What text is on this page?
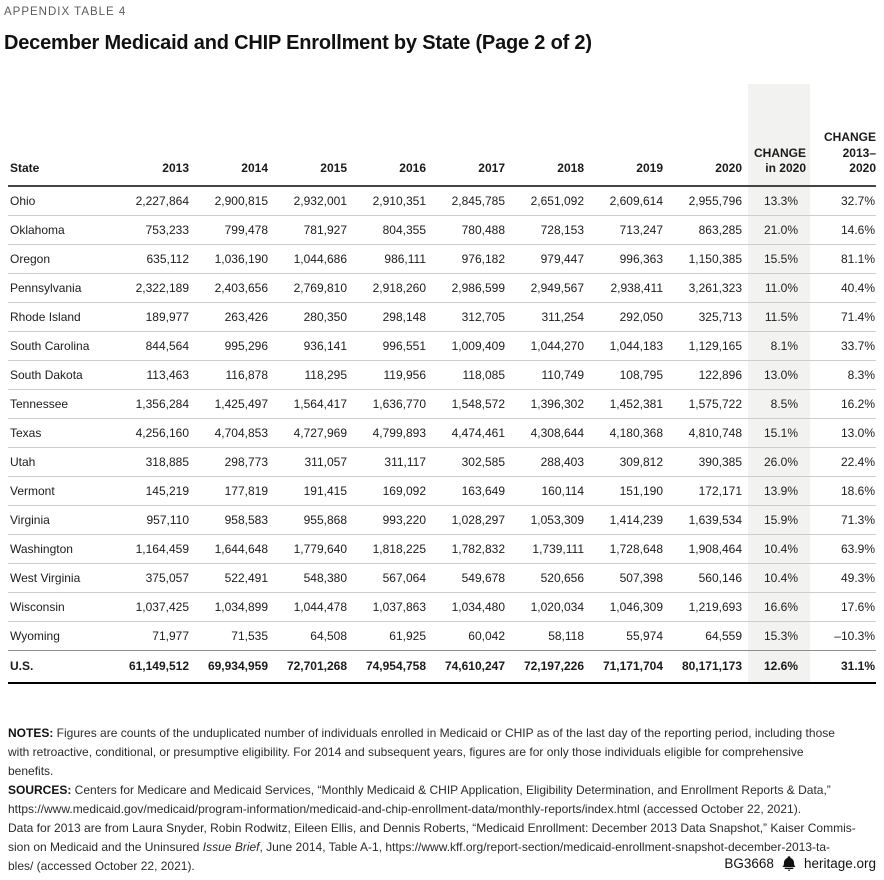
APPENDIX TABLE 4
December Medicaid and CHIP Enrollment by State (Page 2 of 2)
State	2013	2014	2015	2016	2017	2018	2019	2020	CHANGE in 2020	CHANGE 2013– 2020
Ohio	2,227,864	2,900,815	2,932,001	2,910,351	2,845,785	2,651,092	2,609,614	2,955,796	13.3%	32.7%
Oklahoma	753,233	799,478	781,927	804,355	780,488	728,153	713,247	863,285	21.0%	14.6%
Oregon	635,112	1,036,190	1,044,686	986,111	976,182	979,447	996,363	1,150,385	15.5%	81.1%
Pennsylvania	2,322,189	2,403,656	2,769,810	2,918,260	2,986,599	2,949,567	2,938,411	3,261,323	11.0%	40.4%
Rhode Island	189,977	263,426	280,350	298,148	312,705	311,254	292,050	325,713	11.5%	71.4%
South Carolina	844,564	995,296	936,141	996,551	1,009,409	1,044,270	1,044,183	1,129,165	8.1%	33.7%
South Dakota	113,463	116,878	118,295	119,956	118,085	110,749	108,795	122,896	13.0%	8.3%
Tennessee	1,356,284	1,425,497	1,564,417	1,636,770	1,548,572	1,396,302	1,452,381	1,575,722	8.5%	16.2%
Texas	4,256,160	4,704,853	4,727,969	4,799,893	4,474,461	4,308,644	4,180,368	4,810,748	15.1%	13.0%
Utah	318,885	298,773	311,057	311,117	302,585	288,403	309,812	390,385	26.0%	22.4%
Vermont	145,219	177,819	191,415	169,092	163,649	160,114	151,190	172,171	13.9%	18.6%
Virginia	957,110	958,583	955,868	993,220	1,028,297	1,053,309	1,414,239	1,639,534	15.9%	71.3%
Washington	1,164,459	1,644,648	1,779,640	1,818,225	1,782,832	1,739,111	1,728,648	1,908,464	10.4%	63.9%
West Virginia	375,057	522,491	548,380	567,064	549,678	520,656	507,398	560,146	10.4%	49.3%
Wisconsin	1,037,425	1,034,899	1,044,478	1,037,863	1,034,480	1,020,034	1,046,309	1,219,693	16.6%	17.6%
Wyoming	71,977	71,535	64,508	61,925	60,042	58,118	55,974	64,559	15.3%	–10.3%
U.S.	61,149,512	69,934,959	72,701,268	74,954,758	74,610,247	72,197,226	71,171,704	80,171,173	12.6%	31.1%
NOTES: Figures are counts of the unduplicated number of individuals enrolled in Medicaid or CHIP as of the last day of the reporting period, including those
with retroactive, conditional, or presumptive eligibility. For 2014 and subsequent years, figures are for only those individuals eligible for comprehensive
benefits.
SOURCES: Centers for Medicare and Medicaid Services, “Monthly Medicaid & CHIP Application, Eligibility Determination, and Enrollment Reports & Data,”
https://www.medicaid.gov/medicaid/program-information/medicaid-and-chip-enrollment-data/monthly-reports/index.html (accessed October 22, 2021).
Data for 2013 are from Laura Snyder, Robin Rodwitz, Eileen Ellis, and Dennis Roberts, “Medicaid Enrollment: December 2013 Data Snapshot,” Kaiser Commis-
sion on Medicaid and the Uninsured Issue Brief, June 2014, Table A-1, https://www.kff.org/report-section/medicaid-enrollment-snapshot-december-2013-ta-
bles/ (accessed October 22, 2021).	BG3668 heritage.org
